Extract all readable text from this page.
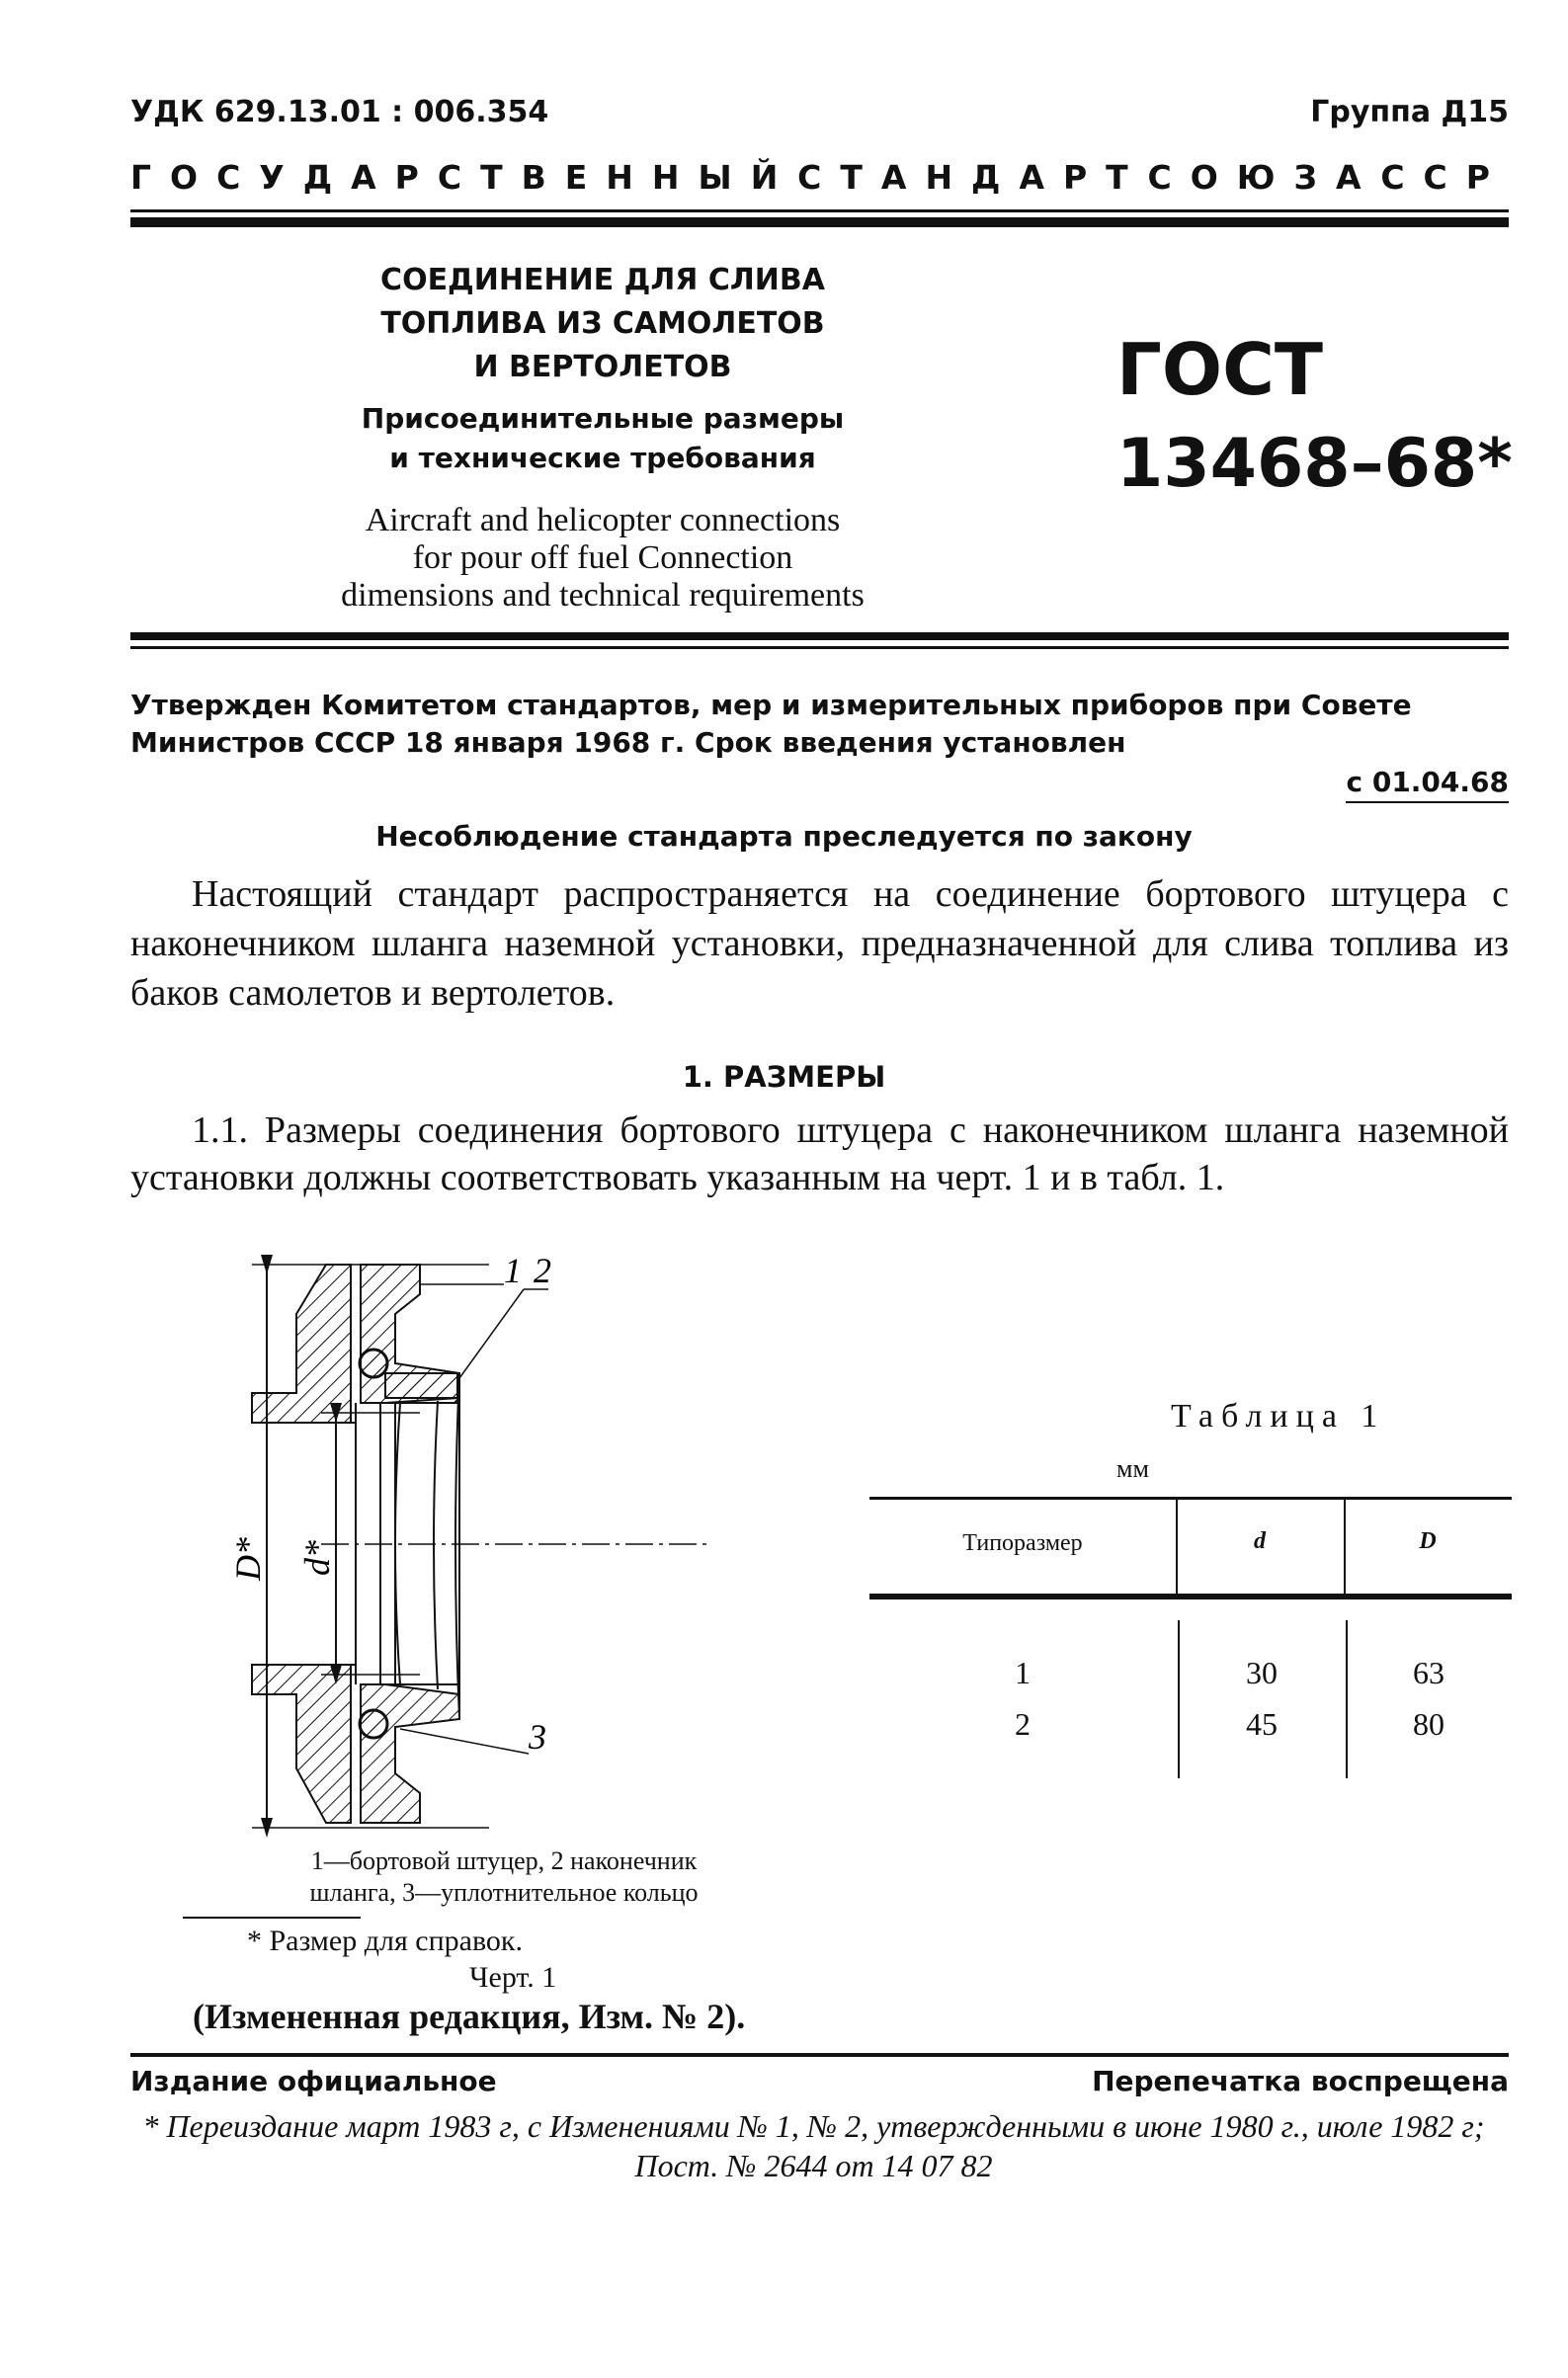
УДК 629.13.01 : 006.354	Группа Д15
ГОСУДАРСТВЕННЫЙ СТАНДАРТ СОЮЗА ССР
СОЕДИНЕНИЕ ДЛЯ СЛИВА
ТОПЛИВА ИЗ САМОЛЕТОВ
И ВЕРТОЛЕТОВ
Присоединительные размеры
и технические требования
Aircraft and helicopter connections
for pour off fuel Connection
dimensions and technical requirements
ГОСТ
13468–68*
Утвержден Комитетом стандартов, мер и измерительных приборов при Совете Министров СССР 18 января 1968 г. Срок введения установлен
с 01.04.68
Несоблюдение стандарта преследуется по закону
Настоящий стандарт распространяется на соединение бортового штуцера с наконечником шланга наземной установки, предназначенной для слива топлива из баков самолетов и вертолетов.
1. РАЗМЕРЫ
1.1. Размеры соединения бортового штуцера с наконечником шланга наземной установки должны соответствовать указанным на черт. 1 и в табл. 1.
1 2
3
D* d*
Таблица 1
мм
Типоразмер	d	D
1	30	63
2	45	80
1—бортовой штуцер, 2 наконечник
шланга, 3—уплотнительное кольцо
* Размер для справок.
Черт. 1
(Измененная редакция, Изм. № 2).
Издание официальное	Перепечатка воспрещена
* Переиздание март 1983 г, с Изменениями № 1, № 2, утвержденными в июне 1980 г., июле 1982 г; Пост. № 2644 от 14 07 82
